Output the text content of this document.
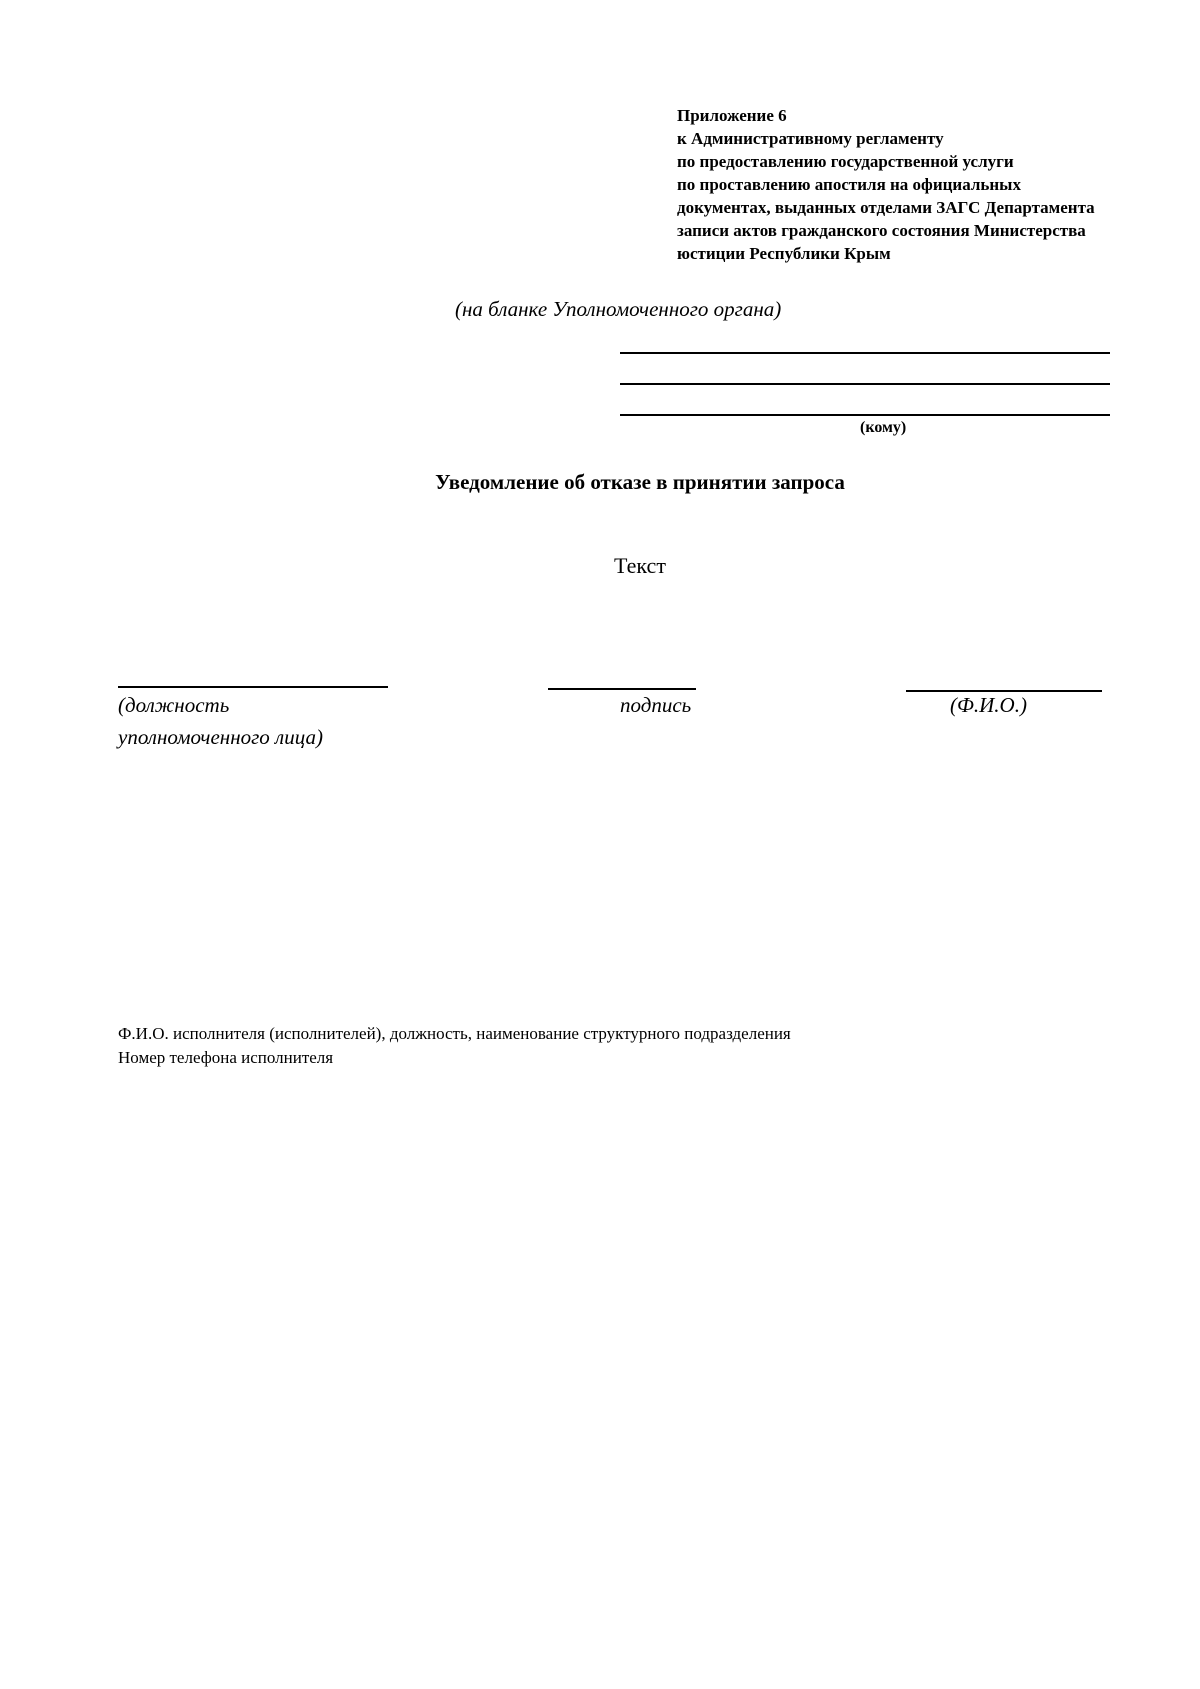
Приложение 6
к Административному регламенту
по предоставлению государственной услуги
по проставлению апостиля на официальных
документах, выданных отделами ЗАГС Департамента
записи актов гражданского состояния Министерства
юстиции Республики Крым
(на бланке Уполномоченного органа)
(кому)
Уведомление об отказе в принятии запроса
Текст
(должность
уполномоченного лица)
подпись	(Ф.И.О.)
Ф.И.О. исполнителя (исполнителей), должность, наименование структурного подразделения
Номер телефона исполнителя
